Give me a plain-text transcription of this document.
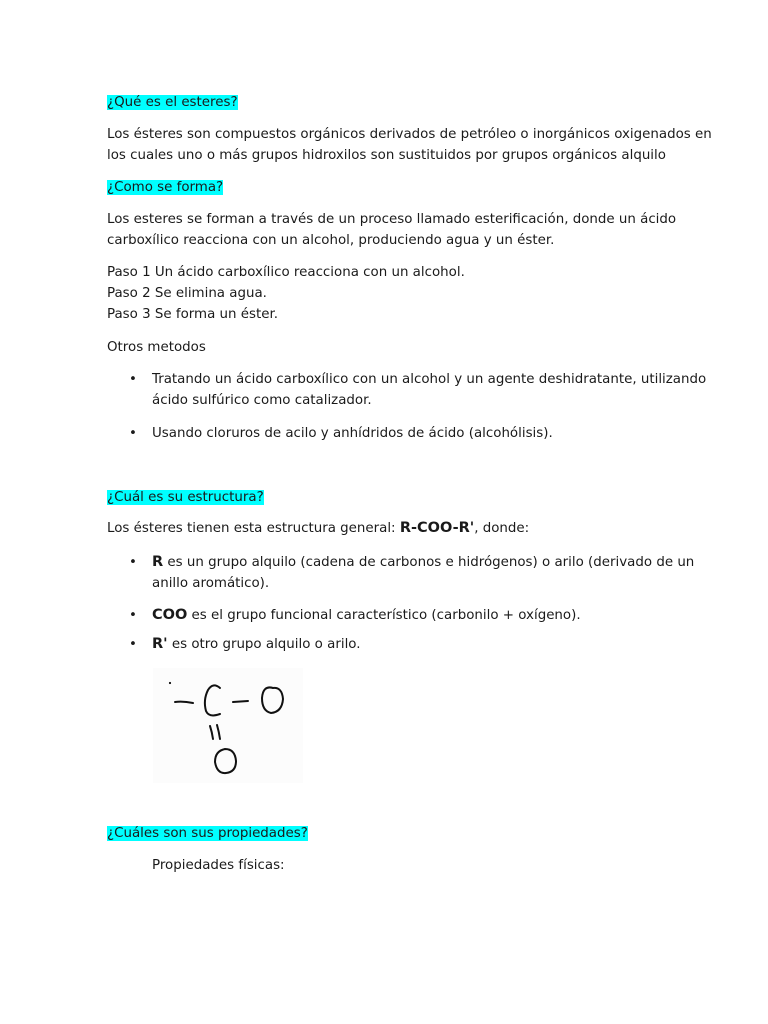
¿Qué es el esteres?

Los ésteres son compuestos orgánicos derivados de petróleo o inorgánicos oxigenados en
los cuales uno o más grupos hidroxilos son sustituidos por grupos orgánicos alquilo

¿Como se forma?

Los esteres se forman a través de un proceso llamado esterificación, donde un ácido
carboxílico reacciona con un alcohol, produciendo agua y un éster.

Paso 1 Un ácido carboxílico reacciona con un alcohol.
Paso 2 Se elimina agua.
Paso 3 Se forma un éster.

Otros metodos

• Tratando un ácido carboxílico con un alcohol y un agente deshidratante, utilizando
ácido sulfúrico como catalizador.

• Usando cloruros de acilo y anhídridos de ácido (alcohólisis).

¿Cuál es su estructura?

Los ésteres tienen esta estructura general: R-COO-R', donde:

• R es un grupo alquilo (cadena de carbonos e hidrógenos) o arilo (derivado de un
anillo aromático).

• COO es el grupo funcional característico (carbonilo + oxígeno).

• R' es otro grupo alquilo o arilo.

¿Cuáles son sus propiedades?

Propiedades físicas:
